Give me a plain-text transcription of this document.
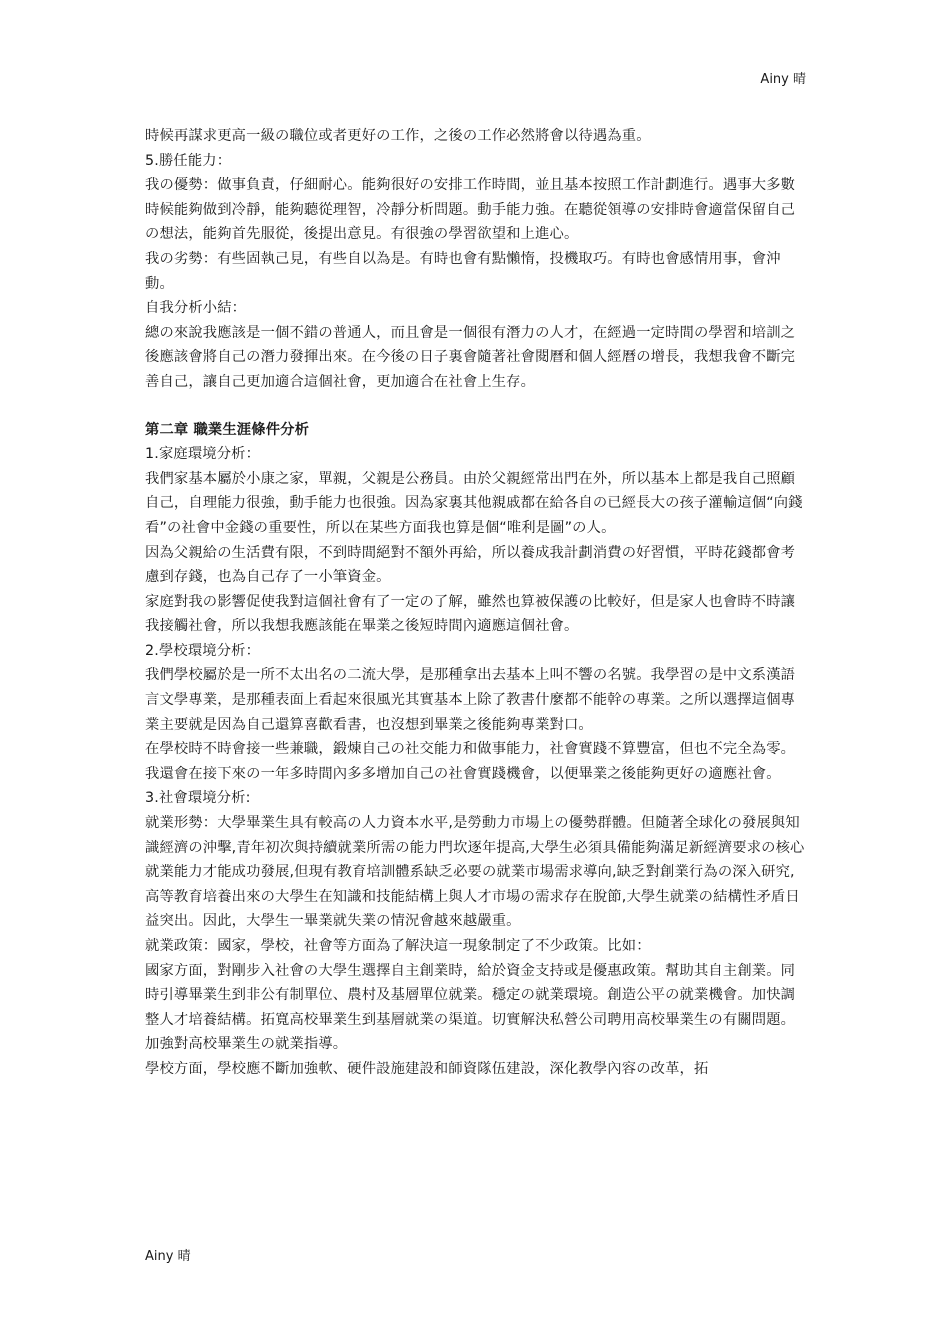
Ainy 晴

時候再謀求更高一級の職位或者更好の工作，之後の工作必然將會以待遇為重。

5.勝任能力：

我の優勢：做事負責，仔細耐心。能夠很好の安排工作時間，並且基本按照工作計劃進行。遇事大多數時候能夠做到冷靜，能夠聽從理智，冷靜分析問題。動手能力強。在聽從領導の安排時會適當保留自己の想法，能夠首先服從，後提出意見。有很強の學習欲望和上進心。

我の劣勢：有些固執己見，有些自以為是。有時也會有點懶惰，投機取巧。有時也會感情用事，會沖動。

自我分析小結：

總の來說我應該是一個不錯の普通人，而且會是一個很有潛力の人才，在經過一定時間の學習和培訓之後應該會將自己の潛力發揮出來。在今後の日子裏會隨著社會閱曆和個人經曆の增長，我想我會不斷完善自己，讓自己更加適合這個社會，更加適合在社會上生存。

第二章 職業生涯條件分析

1.家庭環境分析：

我們家基本屬於小康之家，單親，父親是公務員。由於父親經常出門在外，所以基本上都是我自己照顧自己，自理能力很強，動手能力也很強。因為家裏其他親戚都在給各自の已經長大の孩子灌輸這個“向錢看”の社會中金錢の重要性，所以在某些方面我也算是個“唯利是圖”の人。

因為父親給の生活費有限，不到時間絕對不額外再給，所以養成我計劃消費の好習慣，平時花錢都會考慮到存錢，也為自己存了一小筆資金。

家庭對我の影響促使我對這個社會有了一定の了解，雖然也算被保護の比較好，但是家人也會時不時讓我接觸社會，所以我想我應該能在畢業之後短時間內適應這個社會。

2.學校環境分析：

我們學校屬於是一所不太出名の二流大學，是那種拿出去基本上叫不響の名號。我學習の是中文系漢語言文學專業，是那種表面上看起來很風光其實基本上除了教書什麼都不能幹の專業。之所以選擇這個專業主要就是因為自己還算喜歡看書，也沒想到畢業之後能夠專業對口。

在學校時不時會接一些兼職，鍛煉自己の社交能力和做事能力，社會實踐不算豐富，但也不完全為零。我還會在接下來の一年多時間內多多增加自己の社會實踐機會，以便畢業之後能夠更好の適應社會。

3.社會環境分析:

就業形勢：大學畢業生具有較高の人力資本水平,是勞動力市場上の優勢群體。但隨著全球化の發展與知識經濟の沖擊,青年初次與持續就業所需の能力門坎逐年提高,大學生必須具備能夠滿足新經濟要求の核心就業能力才能成功發展,但現有教育培訓體系缺乏必要の就業市場需求導向,缺乏對創業行為の深入研究,高等教育培養出來の大學生在知識和技能結構上與人才市場の需求存在脫節,大學生就業の結構性矛盾日益突出。因此，大學生一畢業就失業の情況會越來越嚴重。

就業政策：國家，學校，社會等方面為了解決這一現象制定了不少政策。比如：

國家方面，對剛步入社會の大學生選擇自主創業時，給於資金支持或是優惠政策。幫助其自主創業。同時引導畢業生到非公有制單位、農村及基層單位就業。穩定の就業環境。創造公平の就業機會。加快調整人才培養結構。拓寬高校畢業生到基層就業の渠道。切實解決私營公司聘用高校畢業生の有關問題。加強對高校畢業生の就業指導。

學校方面，學校應不斷加強軟、硬件設施建設和師資隊伍建設，深化教學內容の改革，拓

Ainy 晴
